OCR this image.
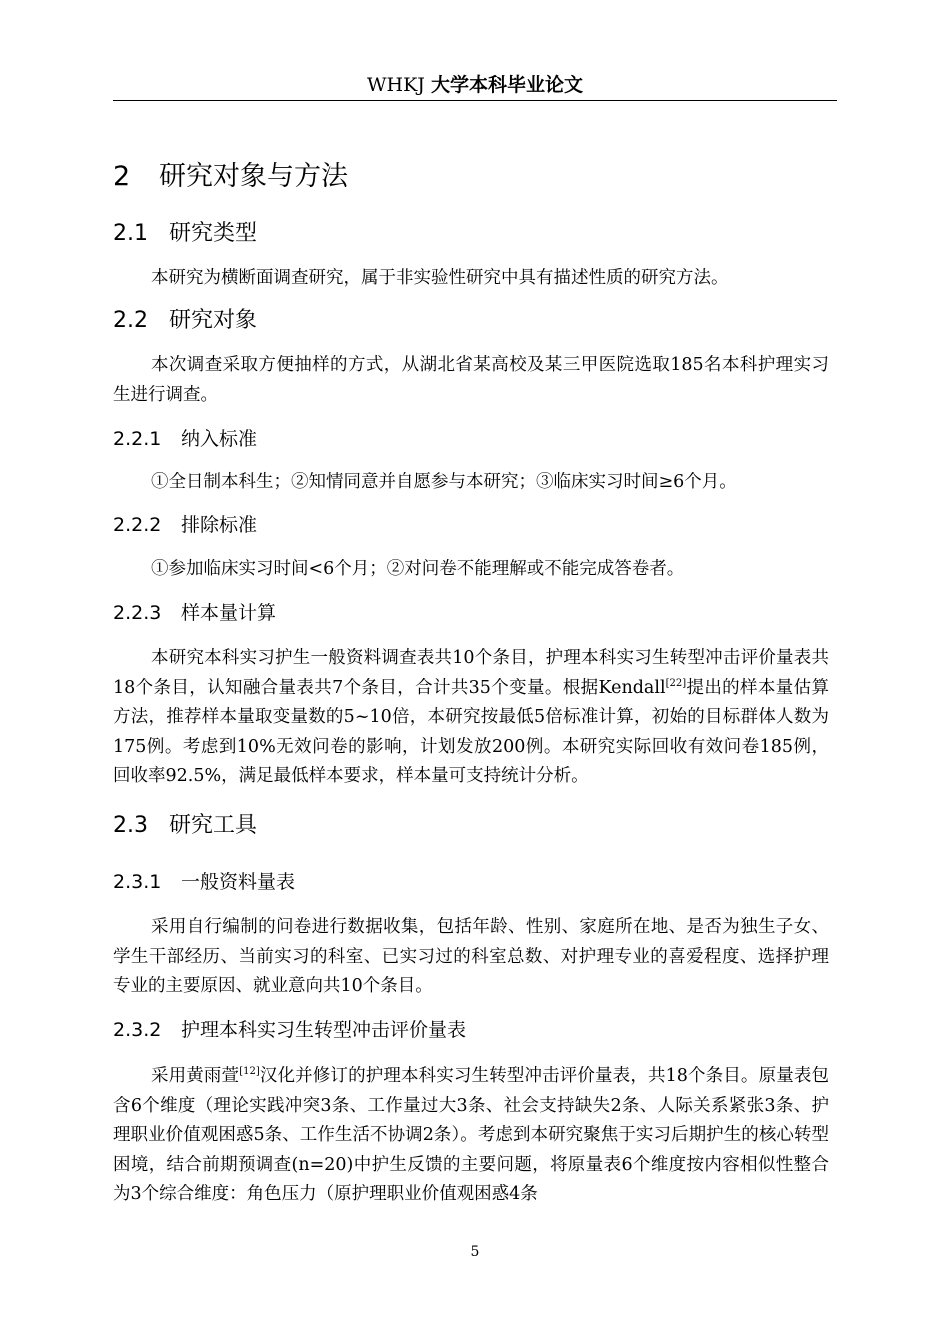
WHKJ 大学本科毕业论文
2 研究对象与方法
2.1 研究类型

本研究为横断面调查研究，属于非实验性研究中具有描述性质的研究方法。

2.2 研究对象

本次调查采取方便抽样的方式，从湖北省某高校及某三甲医院选取185名本科护理实习生进行调查。

2.2.1 纳入标准

①全日制本科生；②知情同意并自愿参与本研究；③临床实习时间≥6个月。

2.2.2 排除标准

①参加临床实习时间<6个月；②对问卷不能理解或不能完成答卷者。

2.2.3 样本量计算

本研究本科实习护生一般资料调查表共10个条目，护理本科实习生转型冲击评价量表共18个条目，认知融合量表共7个条目，合计共35个变量。根据Kendall[22]提出的样本量估算方法，推荐样本量取变量数的5~10倍，本研究按最低5倍标准计算，初始的目标群体人数为175例。考虑到10%无效问卷的影响，计划发放200例。本研究实际回收有效问卷185例，回收率92.5%，满足最低样本要求，样本量可支持统计分析。

2.3 研究工具
2.3.1 一般资料量表

采用自行编制的问卷进行数据收集，包括年龄、性别、家庭所在地、是否为独生子女、学生干部经历、当前实习的科室、已实习过的科室总数、对护理专业的喜爱程度、选择护理专业的主要原因、就业意向共10个条目。

2.3.2 护理本科实习生转型冲击评价量表

采用黄雨萱[12]汉化并修订的护理本科实习生转型冲击评价量表，共18个条目。原量表包含6个维度（理论实践冲突3条、工作量过大3条、社会支持缺失2条、人际关系紧张3条、护理职业价值观困惑5条、工作生活不协调2条）。考虑到本研究聚焦于实习后期护生的核心转型困境，结合前期预调查(n=20)中护生反馈的主要问题，将原量表6个维度按内容相似性整合为3个综合维度：角色压力（原护理职业价值观困惑4条

5
